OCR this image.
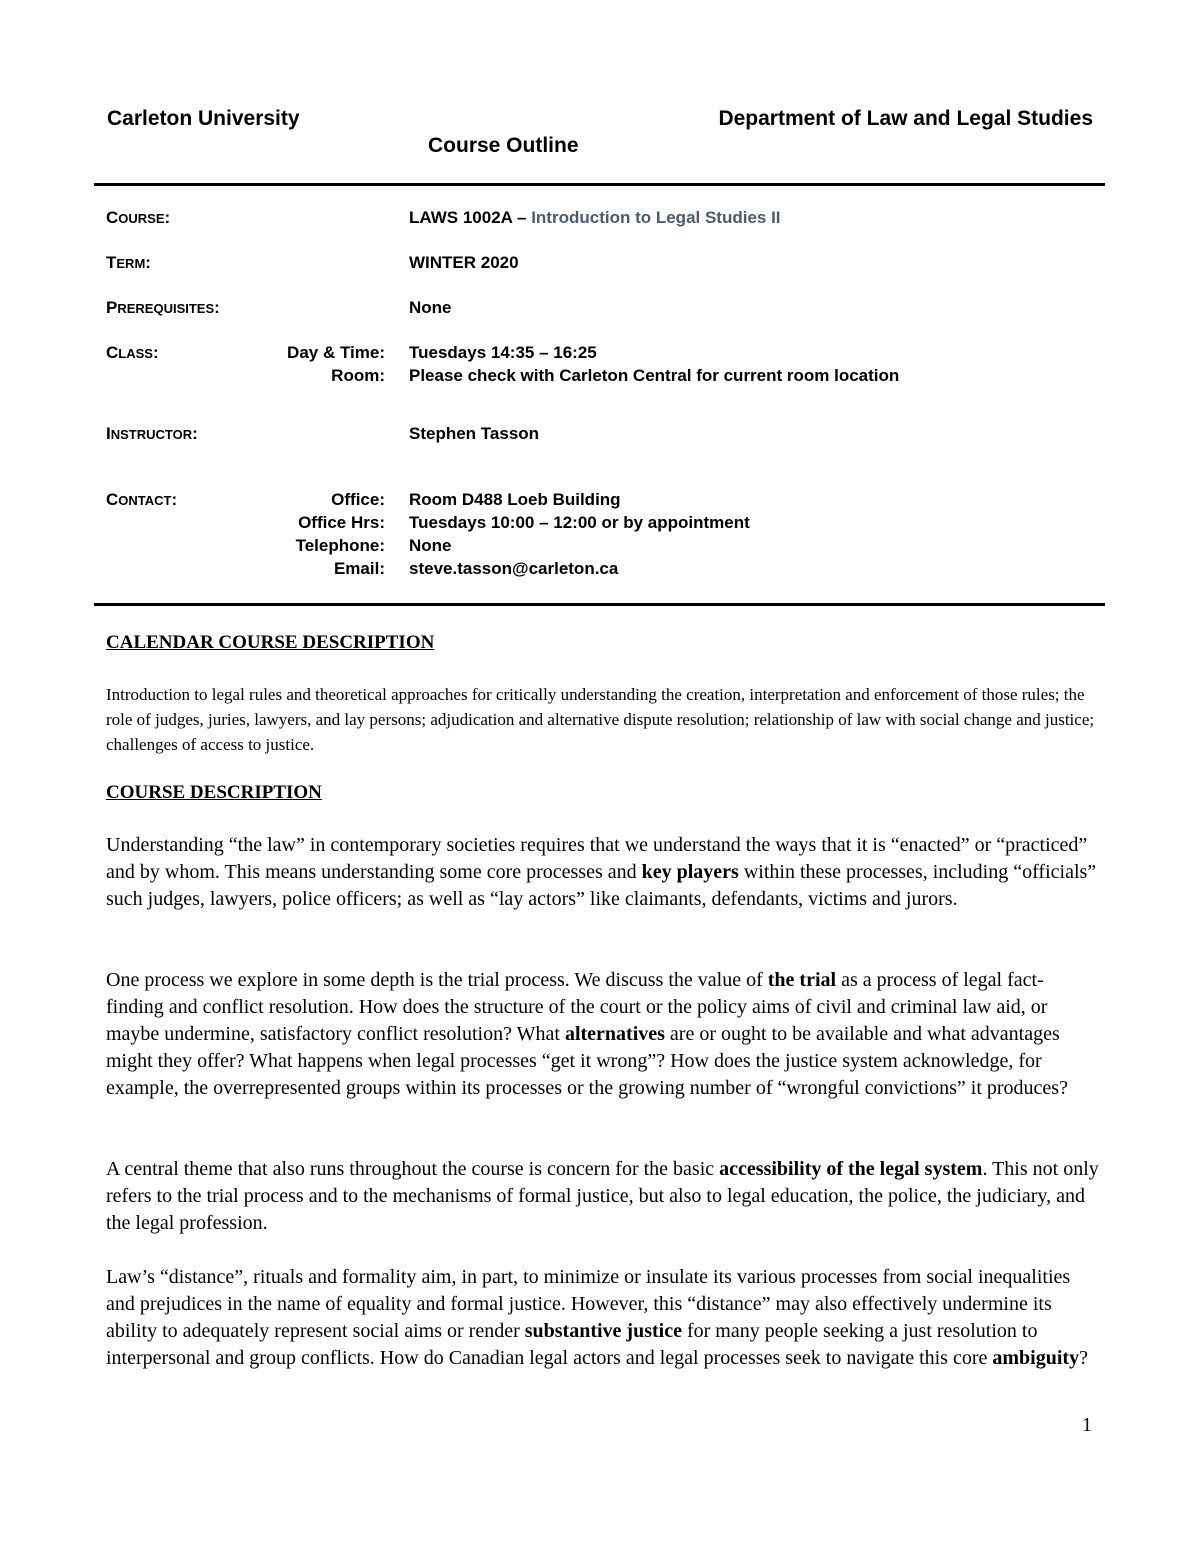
Carleton University	Department of Law and Legal Studies
Course Outline
COURSE:	LAWS 1002A – Introduction to Legal Studies II
TERM:	WINTER 2020
PREREQUISITES:	None
CLASS:	Day & Time: Tuesdays 14:35 – 16:25
Room: Please check with Carleton Central for current room location
INSTRUCTOR:	Stephen Tasson
CONTACT:	Office: Room D488 Loeb Building
Office Hrs: Tuesdays 10:00 – 12:00 or by appointment
Telephone: None
Email: steve.tasson@carleton.ca
CALENDAR COURSE DESCRIPTION

Introduction to legal rules and theoretical approaches for critically understanding the creation, interpretation and enforcement of those rules; the role of judges, juries, lawyers, and lay persons; adjudication and alternative dispute resolution; relationship of law with social change and justice; challenges of access to justice.

COURSE DESCRIPTION

Understanding “the law” in contemporary societies requires that we understand the ways that it is “enacted” or “practiced” and by whom. This means understanding some core processes and key players within these processes, including “officials” such judges, lawyers, police officers; as well as “lay actors” like claimants, defendants, victims and jurors.

One process we explore in some depth is the trial process. We discuss the value of the trial as a process of legal fact-finding and conflict resolution. How does the structure of the court or the policy aims of civil and criminal law aid, or maybe undermine, satisfactory conflict resolution? What alternatives are or ought to be available and what advantages might they offer? What happens when legal processes “get it wrong”? How does the justice system acknowledge, for example, the overrepresented groups within its processes or the growing number of “wrongful convictions” it produces?

A central theme that also runs throughout the course is concern for the basic accessibility of the legal system. This not only refers to the trial process and to the mechanisms of formal justice, but also to legal education, the police, the judiciary, and the legal profession.

Law’s “distance”, rituals and formality aim, in part, to minimize or insulate its various processes from social inequalities and prejudices in the name of equality and formal justice. However, this “distance” may also effectively undermine its ability to adequately represent social aims or render substantive justice for many people seeking a just resolution to interpersonal and group conflicts. How do Canadian legal actors and legal processes seek to navigate this core ambiguity?

1
